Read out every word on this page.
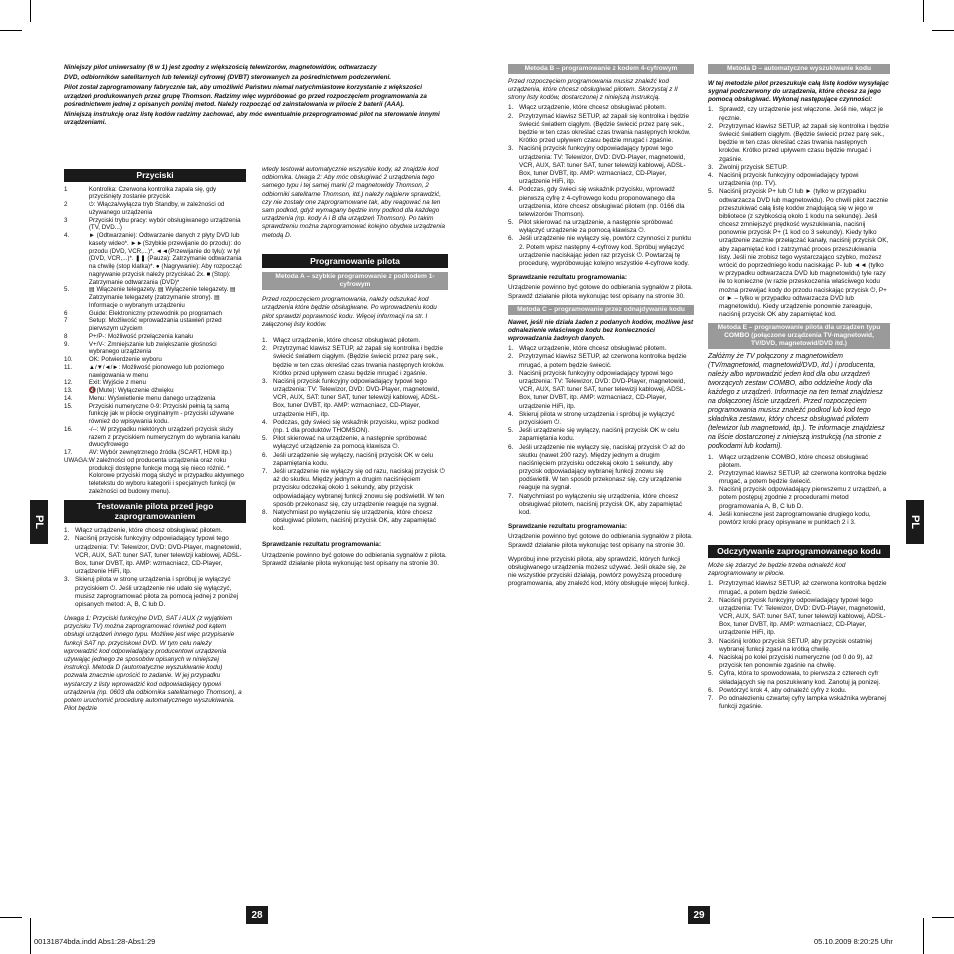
PL	PL

Niniejszy pilot uniwersalny (6 w 1) jest zgodny z większością telewizorów, magnetowidów, odtwarzaczy

DVD, odbiorników satelitarnych lub telewizji cyfrowej (DVBT) sterowanych za pośrednictwem podczerwieni.

Pilot został zaprogramowany fabrycznie tak, aby umożliwić Państwu niemal natychmiastowe korzystanie z większości urządzeń produkowanych przez grupę Thomson. Radzimy więc wypróbować go przed rozpoczęciem programowania za pośrednictwem jednej z opisanych poniżej metod. Należy rozpocząć od zainstalowania w pilocie 2 baterii (AAA).

Niniejszą instrukcję oraz listę kodów radzimy zachować, aby móc ewentualnie przeprogramować pilot na sterowanie innymi urządzeniami.

Przyciski
1	Kontrolka: Czerwona kontrolka zapala się, gdy przyciśnięty zostanie przycisk
2	⏻: Włącza/wyłącza tryb Standby, w zależności od używanego urządzenia
3	Przyciski trybu pracy: wybór obsługiwanego urządzenia (TV, DVD...)
4.	► (Odtwarzanie): Odtwarzanie danych z płyty DVD lub kasety wideo*. ►►(Szybkie przewijanie do przodu): do przodu (DVD, VCR,...)*. ◄◄(Przewijanie do tyłu): w tył (DVD, VCR,...)*. ❚❚ (Pauza): Zatrzymanie odtwarzania na chwilę (stop klatka)*. ● (Nagrywanie): Aby rozpocząć nagrywanie przycisk należy przyciskać 2x. ■ (Stop): Zatrzymanie odtwarzania (DVD)*
5.	▤ Włączenie telegazety. ▤ Wyłączenie telegazety. ▤ Zatrzymanie telegazety (zatrzymanie strony). ▤ Informacje o wybranym urządzeniu
6	Guide: Elektroniczny przewodnik po programach
7	Setup: Możliwość wprowadzania ustawień przed pierwszym użyciem
8	P+/P-: Możliwość przełączenia kanału
9.	V+/V-: Zmniejszanie lub zwiększanie głośności wybranego urządzenia
10.	OK: Potwierdzenie wyboru
11.	▲/▼/◄/►: Możliwość pionowego lub poziomego nawigowania w menu
12.	Exit: Wyjście z menu
13.	🔇(Mute): Wyłączenie dźwięku
14.	Menu: Wyświetlenie menu danego urządzenia
15.	Przyciski numeryczne 0-9: Przyciski pełnią tą samą funkcję jak w pilocie oryginalnym - przyciski używane również do wpisywania kodu.
16.	-/--: W przypadku niektórych urządzeń przycisk służy razem z przyciskiem numerycznym do wybrania kanału dwucyfrowego
17.	AV: Wybór zewnętrznego źródła (SCART, HDMI itp.)
UWAGA:	W zależności od producenta urządzenia oraz roku produkcji dostępne funkcje mogą się nieco różnić. * Kolorowe przyciski mogą służyć w przypadku aktywnego teletekstu do wyboru kategorii i specjalnych funkcji (w zależności od budowy menu).
Testowanie pilota przed jego zaprogramowaniem
1. Włącz urządzenie, które chcesz obsługiwać pilotem.
2. Naciśnij przycisk funkcyjny odpowiadający typowi tego urządzenia: TV: Telewizor, DVD: DVD-Player, magnetowid, VCR, AUX, SAT: tuner SAT, tuner telewizji kablowej, ADSL-Box, tuner DVBT, itp. AMP: wzmacniacz, CD-Player, urządzenie HiFi, itp.
3. Skieruj pilota w stronę urządzenia i spróbuj je wyłączyć przyciskiem ⏻. Jeśli urządzenie nie udało się wyłączyć, musisz zaprogramować pilota za pomocą jednej z poniżej opisanych metod: A, B, C lub D.

Uwaga 1: Przyciski funkcyjne DVD, SAT i AUX (z wyjątkiem przycisku TV) można zaprogramować również pod kątem obsługi urządzeń innego typu. Możliwe jest więc przypisanie funkcji SAT np. przyciskowi DVD. W tym celu należy wprowadzić kod odpowiadający producentowi urządzenia używając jednego ze sposobów opisanych w niniejszej instrukcji. Metoda D (automatyczne wyszukiwanie kodu) pozwala znacznie uprościć to zadanie. W jej przypadku wystarczy z listy wprowadzić kod odpowiadający typowi urządzenia (np. 0603 dla odbiornika satelitarnego Thomson), a potem uruchomić procedurę automatycznego wyszukiwania. Pilot będzie

wtedy testował automatycznie wszystkie kody, aż znajdzie kod odbiornika. Uwaga 2: Aby móc obsługiwać 2 urządzenia tego samego typu i tej samej marki (2 magnetowidy Thomson, 2 odbiorniki satelitarne Thomson, itd.) należy najpierw sprawdzić, czy nie zostały one zaprogramowane tak, aby reagować na ten sam podkod, gdyż wymagany będzie inny podkod dla każdego urządzenia (np. kody A i B dla urządzeń Thomson). Po takim sprawdzeniu można zaprogramować kolejno obydwa urządzenia metodą D.

Programowanie pilota
Metoda A – szybkie programowanie z podkodem 1-cyfrowym

Przed rozpoczęciem programowania, należy odszukać kod urządzenia które będzie obsługiwane. Po wprowadzeniu kodu pilot sprawdzi poprawność kodu. Więcej informacji na str. I załączonej listy kodów.

1. Włącz urządzenie, które chcesz obsługiwać pilotem.
2. Przytrzymać klawisz SETUP, aż zapali się kontrolka i będzie świecić światłem ciągłym. (Będzie świecić przez parę sek., będzie w ten czas określać czas trwania następnych kroków. Krótko przed upływem czasu będzie mrugać i zgaśnie.
3. Naciśnij przycisk funkcyjny odpowiadający typowi tego urządzenia: TV: Telewizor, DVD: DVD-Player, magnetowid, VCR, AUX, SAT: tuner SAT, tuner telewizji kablowej, ADSL-Box, tuner DVBT, itp. AMP: wzmacniacz, CD-Player, urządzenie HiFi, itp.
4. Podczas, gdy świeci się wskaźnik przycisku, wpisz podkod (np. 1 dla produktów THOMSON).
5. Pilot skierować na urządzenie, a następnie spróbować wyłączyć urządzenie za pomocą klawisza ⏻.
6. Jeśli urządzenie się wyłączy, naciśnij przycisk OK w celu zapamiętania kodu.
7. Jeśli urządzenie nie wyłączy się od razu, naciskaj przycisk ⏻ aż do skutku. Między jednym a drugim naciśnięciem przycisku odczekaj około 1 sekundy, aby przycisk odpowiadający wybranej funkcji znowu się podświetlił. W ten sposób przekonasz się, czy urządzenie reaguje na sygnał.
8. Natychmiast po wyłączeniu się urządzenia, które chcesz obsługiwać pilotem, naciśnij przycisk OK, aby zapamiętać kod.

Sprawdzanie rezultatu programowania:

Urządzenie powinno być gotowe do odbierania sygnałów z pilota. Sprawdź działanie pilota wykonując test opisany na stronie 30.

Metoda B – programowanie z kodem 4-cyfrowym

Przed rozpoczęciem programowania musisz znaleźć kod urządzenia, które chcesz obsługiwać pilotem. Skorzystaj z II strony listy kodów, dostarczonej z niniejszą instrukcją.

1. Włącz urządzenie, które chcesz obsługiwać pilotem.
2. Przytrzymać klawisz SETUP, aż zapali się kontrolka i będzie świecić światłem ciągłym. (Będzie świecić przez parę sek., będzie w ten czas określać czas trwania następnych kroków. Krótko przed upływem czasu będzie mrugać i zgaśnie.
3. Naciśnij przycisk funkcyjny odpowiadający typowi tego urządzenia: TV: Telewizor, DVD: DVD-Player, magnetowid, VCR, AUX, SAT: tuner SAT, tuner telewizji kablowej, ADSL-Box, tuner DVBT, itp. AMP: wzmacniacz, CD-Player, urządzenie HiFi, itp.
4. Podczas, gdy świeci się wskaźnik przycisku, wprowadź pierwszą cyfrę z 4-cyfrowego kodu proponowanego dla urządzenia, które chcesz obsługiwać pilotem (np. 0166 dla telewizorów Thomson).
5. Pilot skierować na urządzenie, a następnie spróbować wyłączyć urządzenie za pomocą klawisza ⏻.
6. Jeśli urządzenie nie wyłączy się, powtórz czynności z punktu 2. Potem wpisz następny 4-cyfrowy kod. Spróbuj wyłączyć urządzenie naciskając jeden raz przycisk ⏻. Powtarzaj tę procedurę, wypróbowując kolejno wszystkie 4-cyfrowe kody.

Sprawdzanie rezultatu programowania:

Urządzenie powinno być gotowe do odbierania sygnałów z pilota. Sprawdź działanie pilota wykonując test opisany na stronie 30.

Metoda C – programowanie przez odnajdywanie kodu

Nawet, jeśli nie działa żaden z podanych kodów, możliwe jest odnalezienie właściwego kodu bez konieczności wprowadzania żadnych danych.

1. Włącz urządzenie, które chcesz obsługiwać pilotem.
2. Przytrzymać klawisz SETUP, aż czerwona kontrolka będzie mrugać, a potem będzie świecić.
3. Naciśnij przycisk funkcyjny odpowiadający typowi tego urządzenia: TV: Telewizor, DVD: DVD-Player, magnetowid, VCR, AUX, SAT: tuner SAT, tuner telewizji kablowej, ADSL-Box, tuner DVBT, itp. AMP: wzmacniacz, CD-Player, urządzenie HiFi, itp.
4. Skieruj pilota w stronę urządzenia i spróbuj je wyłączyć przyciskiem ⏻.
5. Jeśli urządzenie się wyłączy, naciśnij przycisk OK w celu zapamiętania kodu.
6. Jeśli urządzenie nie wyłączy się, naciskaj przycisk ⏻ aż do skutku (nawet 200 razy). Między jednym a drugim naciśnięciem przycisku odczekaj około 1 sekundy, aby przycisk odpowiadający wybranej funkcji znowu się podświetlił. W ten sposób przekonasz się, czy urządzenie reaguje na sygnał.
7. Natychmiast po wyłączeniu się urządzenia, które chcesz obsługiwać pilotem, naciśnij przycisk OK, aby zapamiętać kod.

Sprawdzanie rezultatu programowania:

Urządzenie powinno być gotowe do odbierania sygnałów z pilota. Sprawdź działanie pilota wykonując test opisany na stronie 30.

Wypróbuj inne przyciski pilota, aby sprawdzić, których funkcji obsługiwanego urządzenia możesz używać. Jeśli okaże się, że nie wszystkie przyciski działają, powtórz powyższą procedurę programowania, aby znaleźć kod, który obsługuje więcej funkcji.

Metoda D – automatyczne wyszukiwanie kodu

W tej metodzie pilot przeszukuje całą listę kodów wysyłając sygnał podczerwony do urządzenia, które chcesz za jego pomocą obsługiwać. Wykonaj następujące czynności:

1. Sprawdź, czy urządzenie jest włączone. Jeśli nie, włącz je ręcznie.
2. Przytrzymać klawisz SETUP, aż zapali się kontrolka i będzie świecić światłem ciągłym. (Będzie świecić przez parę sek., będzie w ten czas określać czas trwania następnych kroków. Krótko przed upływem czasu będzie mrugać i zgaśnie.
3. Zwolnij przycisk SETUP.
4. Naciśnij przycisk funkcyjny odpowiadający typowi urządzenia (np. TV).
5. Naciśnij przycisk P+ lub ⏻ lub ► (tylko w przypadku odtwarzacza DVD lub magnetowidu). Po chwili pilot zacznie przeszukiwać całą listę kodów znajdującą się w jego w bibliotece (z szybkością około 1 kodu na sekundę). Jeśli chcesz zmniejszyć prędkość wyszukiwania, naciśnij ponownie przycisk P+ (1 kod co 3 sekundy). Kiedy tylko urządzenie zacznie przełączać kanały, naciśnij przycisk OK, aby zapamiętać kod i zatrzymać proces przeszukiwania listy. Jeśli nie zrobisz tego wystarczająco szybko, możesz wrócić do poprzedniego kodu naciskając P- lub ◄◄ (tylko w przypadku odtwarzacza DVD lub magnetowidu) tyle razy ile to konieczne (w razie przeskoczenia właściwego kodu można przewijać kody do przodu naciskając przycisk ⏻, P+ or ► – tylko w przypadku odtwarzacza DVD lub magnetowidu). Kiedy urządzenie ponownie zareaguje, naciśnij przycisk OK aby zapamiętać kod.
Metoda E – programowanie pilota dla urządzen typu COMBO (połączone urządzenia TV-magnetowid, TV/DVD, magnetowid/DVD itd.)

Załóżmy że TV połączony z magnetowidem (TV/magnetowid, magnetowid/DVD, itd.) i producenta, należy albo wprowadzić jeden kod dla obu urządzeń tworzących zestaw COMBO, albo oddzielne kody dla każdego z urządzeń. Informacje na ten temat znajdziesz na dołączonej liście urządzeń. Przed rozpoczęciem programowania musisz znaleźć podkod lub kod tego składnika zestawu, który chcesz obsługiwać pilotem (telewizor lub magnetowid, itp.). Te informacje znajdziesz na liście dostarczonej z niniejszą instrukcją (na stronie z podkodami lub kodami).

1. Włącz urządzenie COMBO, które chcesz obsługiwać pilotem.
2. Przytrzymać klawisz SETUP, aż czerwona kontrolka będzie mrugać, a potem będzie świecić.
3. Naciśnij przycisk odpowiadający pierwszemu z urządzeń, a potem postępuj zgodnie z procedurami metod programowania A, B, C lub D.
4. Jeśli konieczne jest zaprogramowanie drugiego kodu, powtórz kroki pracy opisywane w punktach 2 i 3.
Odczytywanie zaprogramowanego kodu

Może się zdarzyć że będzie trzeba odnaleźć kod zaprogramowany w pilocie.

1. Przytrzymać klawisz SETUP, aż czerwona kontrolka będzie mrugać, a potem będzie świecić.
2. Naciśnij przycisk funkcyjny odpowiadający typowi tego urządzenia: TV: Telewizor, DVD: DVD-Player, magnetowid, VCR, AUX, SAT: tuner SAT, tuner telewizji kablowej, ADSL-Box, tuner DVBT, itp. AMP: wzmacniacz, CD-Player, urządzenie HiFi, itp.
3. Naciśnij krótko przycisk SETUP, aby przycisk ostatniej wybranej funkcji zgasł na krótką chwilę.
4. Naciskaj po kolei przyciski numeryczne (od 0 do 9), aż przycisk ten ponownie zgaśnie na chwilę.
5. Cyfra, która to spowodowała, to pierwsza z czterech cyfr składających się na poszukiwany kod. Zanotuj ją ponizej.
6. Powtórzyć krok 4, aby odnaleźć cyfry z kodu.
7. Po odnalezieniu czwartej cyfry lampka wskaźnika wybranej funkcji zgaśnie.
28	29
00131874bda.indd Abs1:28-Abs1:29	05.10.2009 8:20:25 Uhr
